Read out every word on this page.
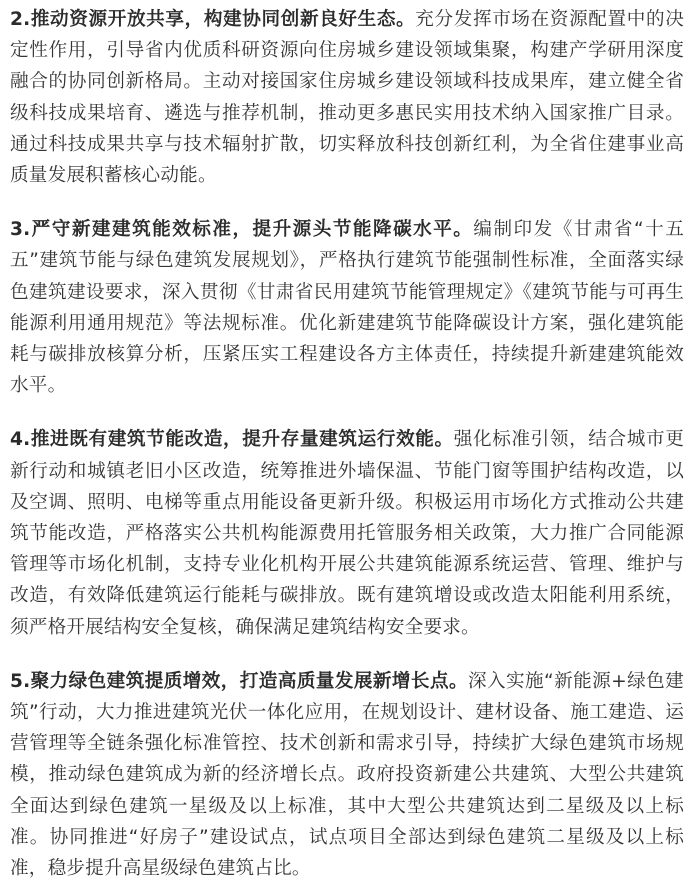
2.推动资源开放共享，构建协同创新良好生态。充分发挥市场在资源配置中的决定性作用，引导省内优质科研资源向住房城乡建设领域集聚，构建产学研用深度融合的协同创新格局。主动对接国家住房城乡建设领域科技成果库，建立健全省级科技成果培育、遴选与推荐机制，推动更多惠民实用技术纳入国家推广目录。通过科技成果共享与技术辐射扩散，切实释放科技创新红利，为全省住建事业高质量发展积蓄核心动能。

3.严守新建建筑能效标准，提升源头节能降碳水平。编制印发《甘肃省“十五五”建筑节能与绿色建筑发展规划》，严格执行建筑节能强制性标准，全面落实绿色建筑建设要求，深入贯彻《甘肃省民用建筑节能管理规定》《建筑节能与可再生能源利用通用规范》等法规标准。优化新建建筑节能降碳设计方案，强化建筑能耗与碳排放核算分析，压紧压实工程建设各方主体责任，持续提升新建建筑能效水平。

4.推进既有建筑节能改造，提升存量建筑运行效能。强化标准引领，结合城市更新行动和城镇老旧小区改造，统筹推进外墙保温、节能门窗等围护结构改造，以及空调、照明、电梯等重点用能设备更新升级。积极运用市场化方式推动公共建筑节能改造，严格落实公共机构能源费用托管服务相关政策，大力推广合同能源管理等市场化机制，支持专业化机构开展公共建筑能源系统运营、管理、维护与改造，有效降低建筑运行能耗与碳排放。既有建筑增设或改造太阳能利用系统，须严格开展结构安全复核，确保满足建筑结构安全要求。

5.聚力绿色建筑提质增效，打造高质量发展新增长点。深入实施“新能源+绿色建筑”行动，大力推进建筑光伏一体化应用，在规划设计、建材设备、施工建造、运营管理等全链条强化标准管控、技术创新和需求引导，持续扩大绿色建筑市场规模，推动绿色建筑成为新的经济增长点。政府投资新建公共建筑、大型公共建筑全面达到绿色建筑一星级及以上标准，其中大型公共建筑达到二星级及以上标准。协同推进“好房子”建设试点，试点项目全部达到绿色建筑二星级及以上标准，稳步提升高星级绿色建筑占比。
